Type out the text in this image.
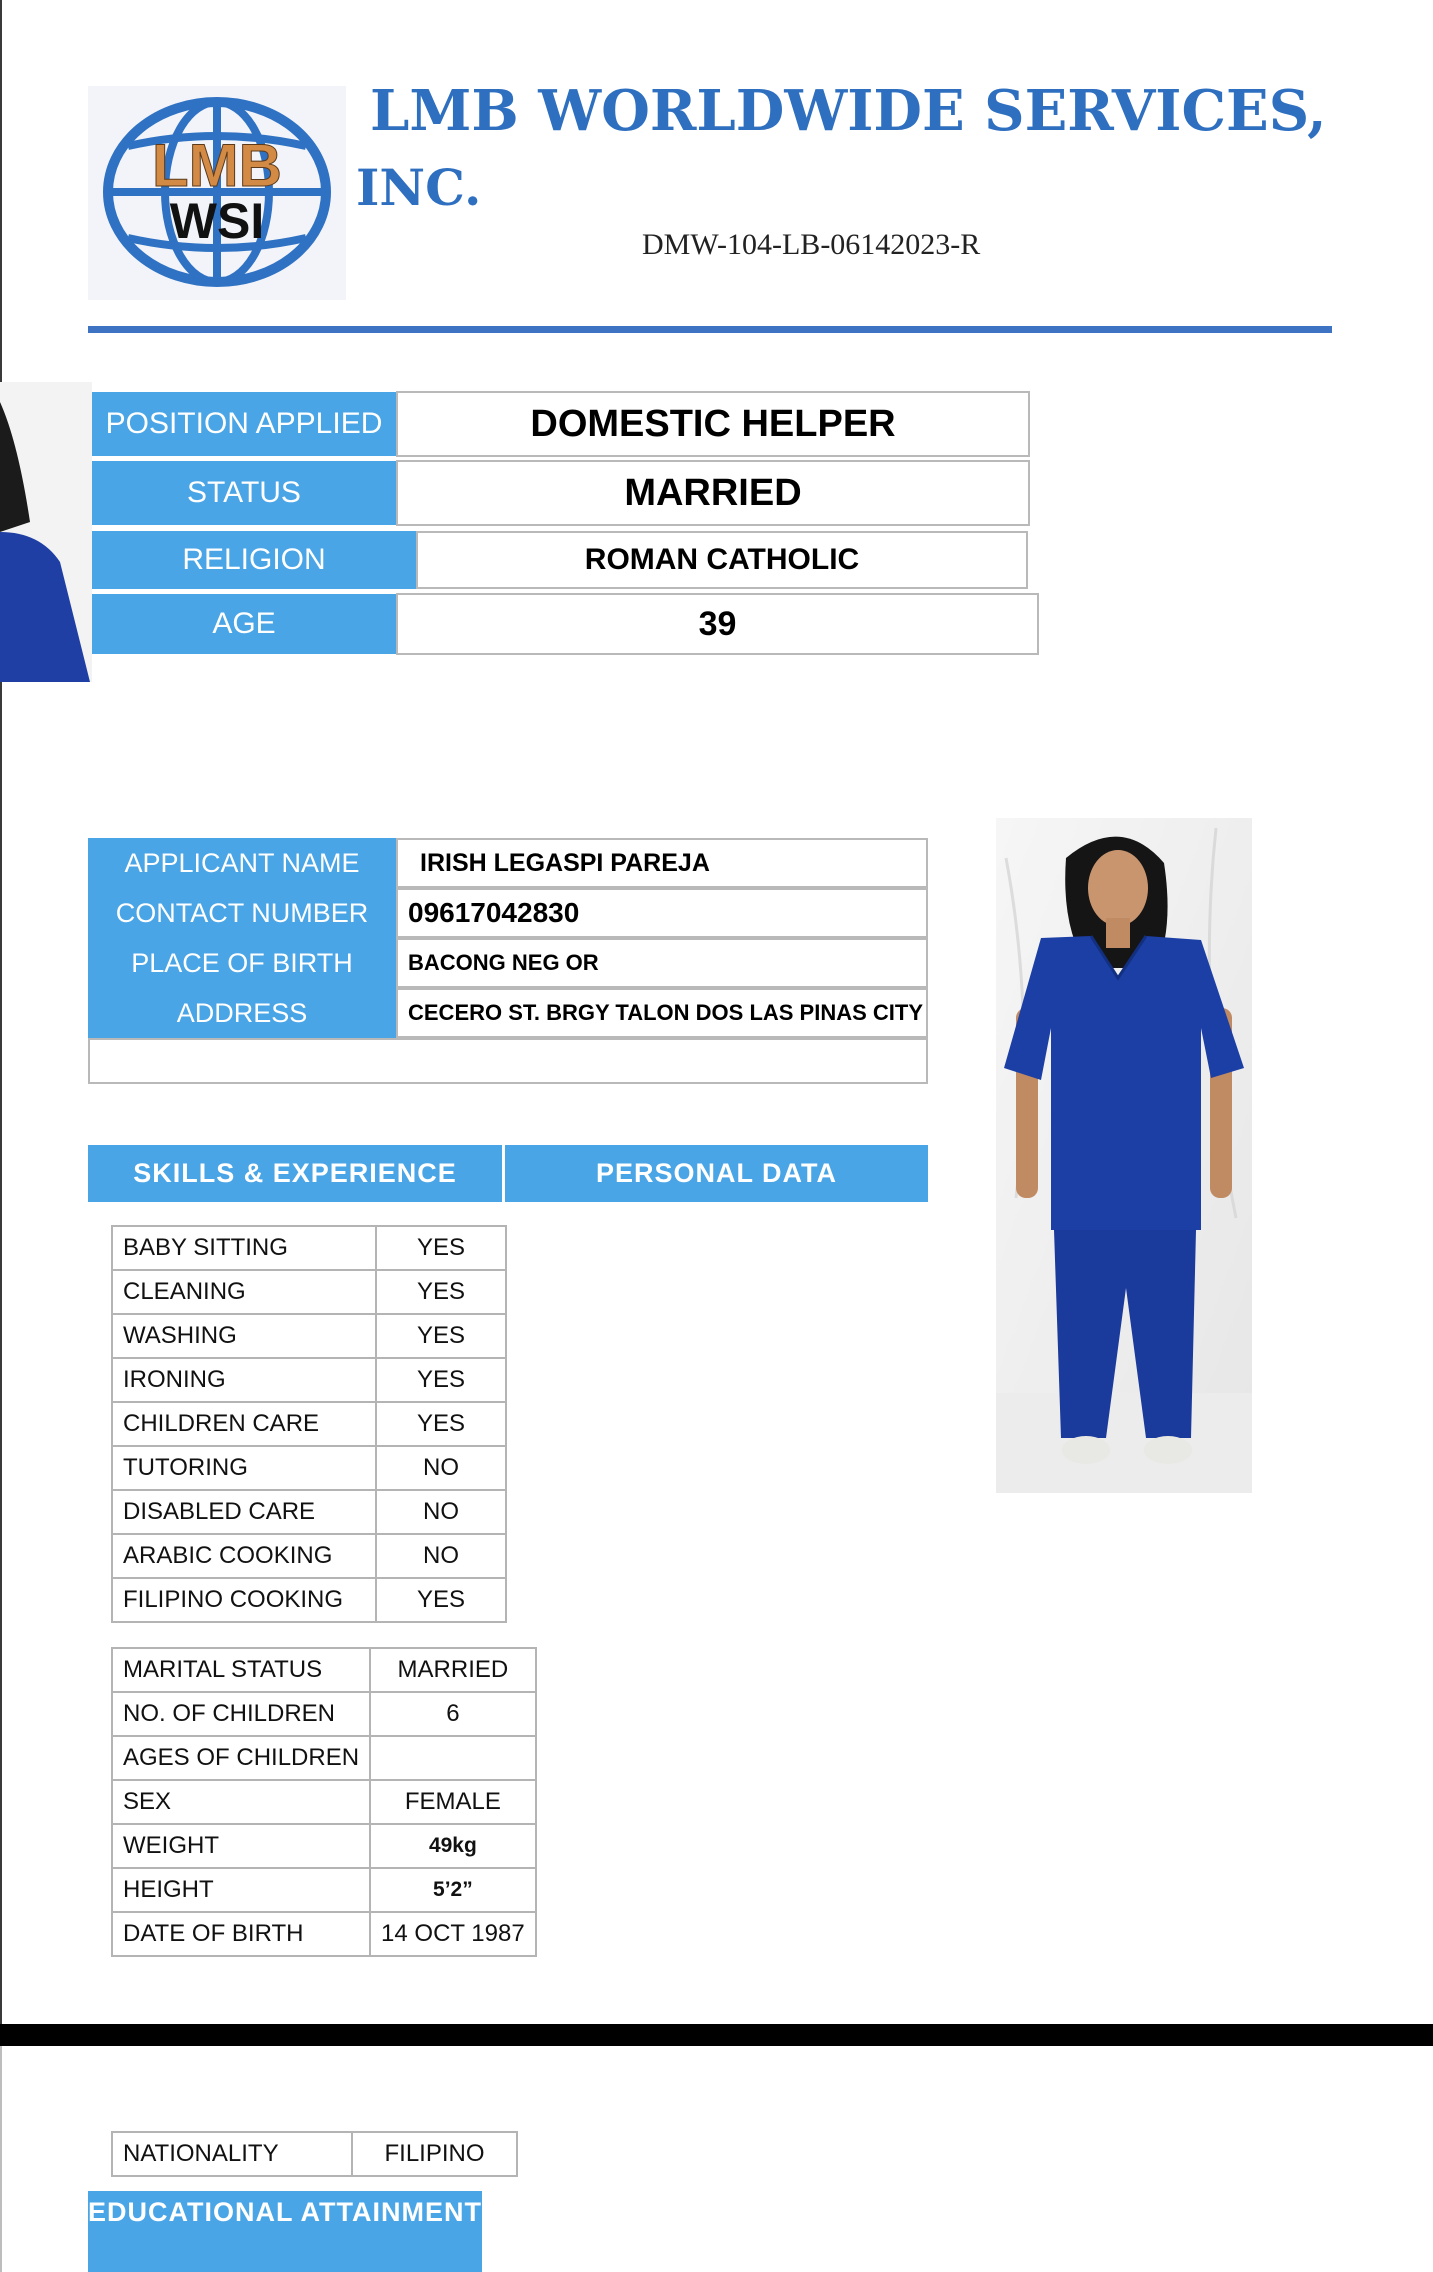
LMB
WSI
LMB WORLDWIDE SERVICES,
INC.
DMW-104-LB-06142023-R
POSITION APPLIED	DOMESTIC HELPER
STATUS	MARRIED
RELIGION	ROMAN CATHOLIC
AGE	39
APPLICANT NAME	IRISH LEGASPI PAREJA
CONTACT NUMBER	09617042830
PLACE OF BIRTH	BACONG NEG OR
ADDRESS	CECERO ST. BRGY TALON DOS LAS PINAS CITY
SKILLS & EXPERIENCE	PERSONAL DATA
BABY SITTING	YES
CLEANING	YES
WASHING	YES
IRONING	YES
CHILDREN CARE	YES
TUTORING	NO
DISABLED CARE	NO
ARABIC COOKING	NO
FILIPINO COOKING	YES
MARITAL STATUS	MARRIED
NO. OF CHILDREN	6
AGES OF CHILDREN	
SEX	FEMALE
WEIGHT	49kg
HEIGHT	5’2”
DATE OF BIRTH	14 OCT 1987
NATIONALITY	FILIPINO
EDUCATIONAL ATTAINMENT
